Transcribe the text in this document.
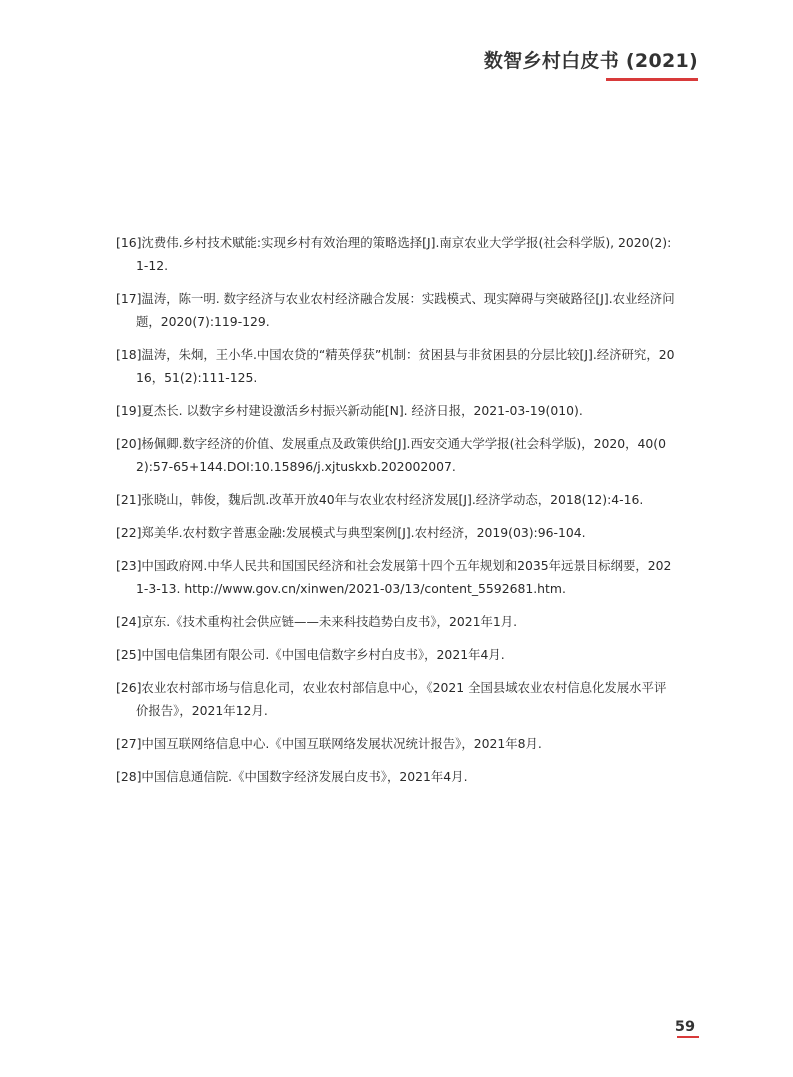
数智乡村白皮书 (2021)
[16]沈费伟.乡村技术赋能:实现乡村有效治理的策略选择[J].南京农业大学学报(社会科学版), 2020(2):1-12.
[17]温涛，陈一明. 数字经济与农业农村经济融合发展：实践模式、现实障碍与突破路径[J].农业经济问题，2020(7):119-129.
[18]温涛，朱炯，王小华.中国农贷的“精英俘获”机制：贫困县与非贫困县的分层比较[J].经济研究，2016，51(2):111-125.
[19]夏杰长. 以数字乡村建设激活乡村振兴新动能[N]. 经济日报，2021-03-19(010).
[20]杨佩卿.数字经济的价值、发展重点及政策供给[J].西安交通大学学报(社会科学版)，2020，40(02):57-65+144.DOI:10.15896/j.xjtuskxb.202002007.
[21]张晓山，韩俊，魏后凯.改革开放40年与农业农村经济发展[J].经济学动态，2018(12):4-16.
[22]郑美华.农村数字普惠金融:发展模式与典型案例[J].农村经济，2019(03):96-104.
[23]中国政府网.中华人民共和国国民经济和社会发展第十四个五年规划和2035年远景目标纲要，2021-3-13. http://www.gov.cn/xinwen/2021-03/13/content_5592681.htm.
[24]京东.《技术重构社会供应链——未来科技趋势白皮书》，2021年1月.
[25]中国电信集团有限公司.《中国电信数字乡村白皮书》，2021年4月.
[26]农业农村部市场与信息化司，农业农村部信息中心，《2021 全国县域农业农村信息化发展水平评价报告》，2021年12月.
[27]中国互联网络信息中心.《中国互联网络发展状况统计报告》，2021年8月.
[28]中国信息通信院.《中国数字经济发展白皮书》，2021年4月.
59
